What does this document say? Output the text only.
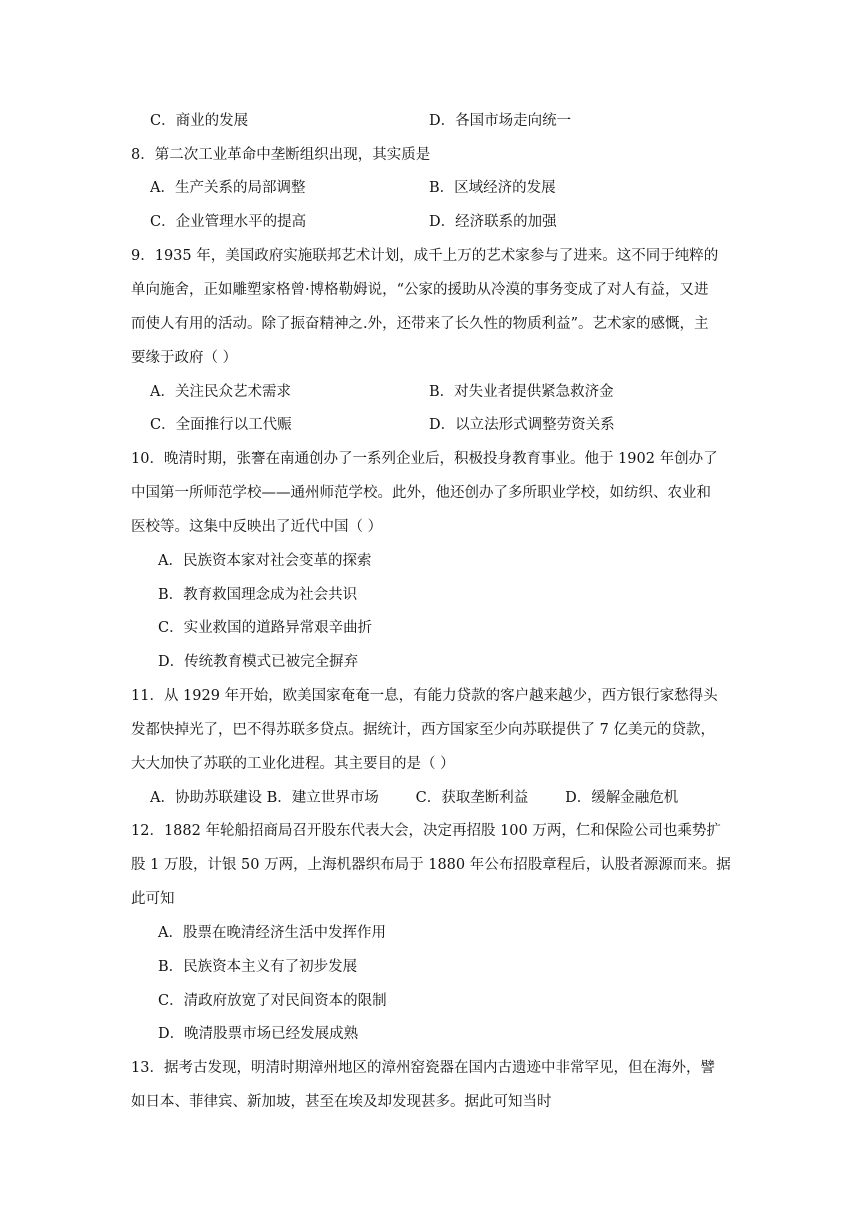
C．商业的发展	D．各国市场走向统一
8．第二次工业革命中垄断组织出现，其实质是
A．生产关系的局部调整	B．区域经济的发展
C．企业管理水平的提高	D．经济联系的加强
9．1935 年，美国政府实施联邦艺术计划，成千上万的艺术家参与了进来。这不同于纯粹的
单向施舍，正如雕塑家格曾·博格勒姆说，“公家的援助从冷漠的事务变成了对人有益，又进
而使人有用的活动。除了振奋精神之.外，还带来了长久性的物质利益”。艺术家的感慨，主
要缘于政府（ ）
A．关注民众艺术需求	B．对失业者提供紧急救济金
C．全面推行以工代赈	D．以立法形式调整劳资关系
10．晚清时期，张謇在南通创办了一系列企业后，积极投身教育事业。他于 1902 年创办了
中国第一所师范学校——通州师范学校。此外，他还创办了多所职业学校，如纺织、农业和
医校等。这集中反映出了近代中国（ ）
A．民族资本家对社会变革的探索
B．教育救国理念成为社会共识
C．实业救国的道路异常艰辛曲折
D．传统教育模式已被完全摒弃
11．从 1929 年开始，欧美国家奄奄一息，有能力贷款的客户越来越少，西方银行家愁得头
发都快掉光了，巴不得苏联多贷点。据统计，西方国家至少向苏联提供了 7 亿美元的贷款，
大大加快了苏联的工业化进程。其主要目的是（ ）
A．协助苏联建设 B．建立世界市场        C．获取垄断利益        D．缓解金融危机
12．1882 年轮船招商局召开股东代表大会，决定再招股 100 万两，仁和保险公司也乘势扩
股 1 万股，计银 50 万两，上海机器织布局于 1880 年公布招股章程后，认股者源源而来。据
此可知
A．股票在晚清经济生活中发挥作用
B．民族资本主义有了初步发展
C．清政府放宽了对民间资本的限制
D．晚清股票市场已经发展成熟
13．据考古发现，明清时期漳州地区的漳州窑瓷器在国内古遗迹中非常罕见，但在海外，譬
如日本、菲律宾、新加坡，甚至在埃及却发现甚多。据此可知当时
